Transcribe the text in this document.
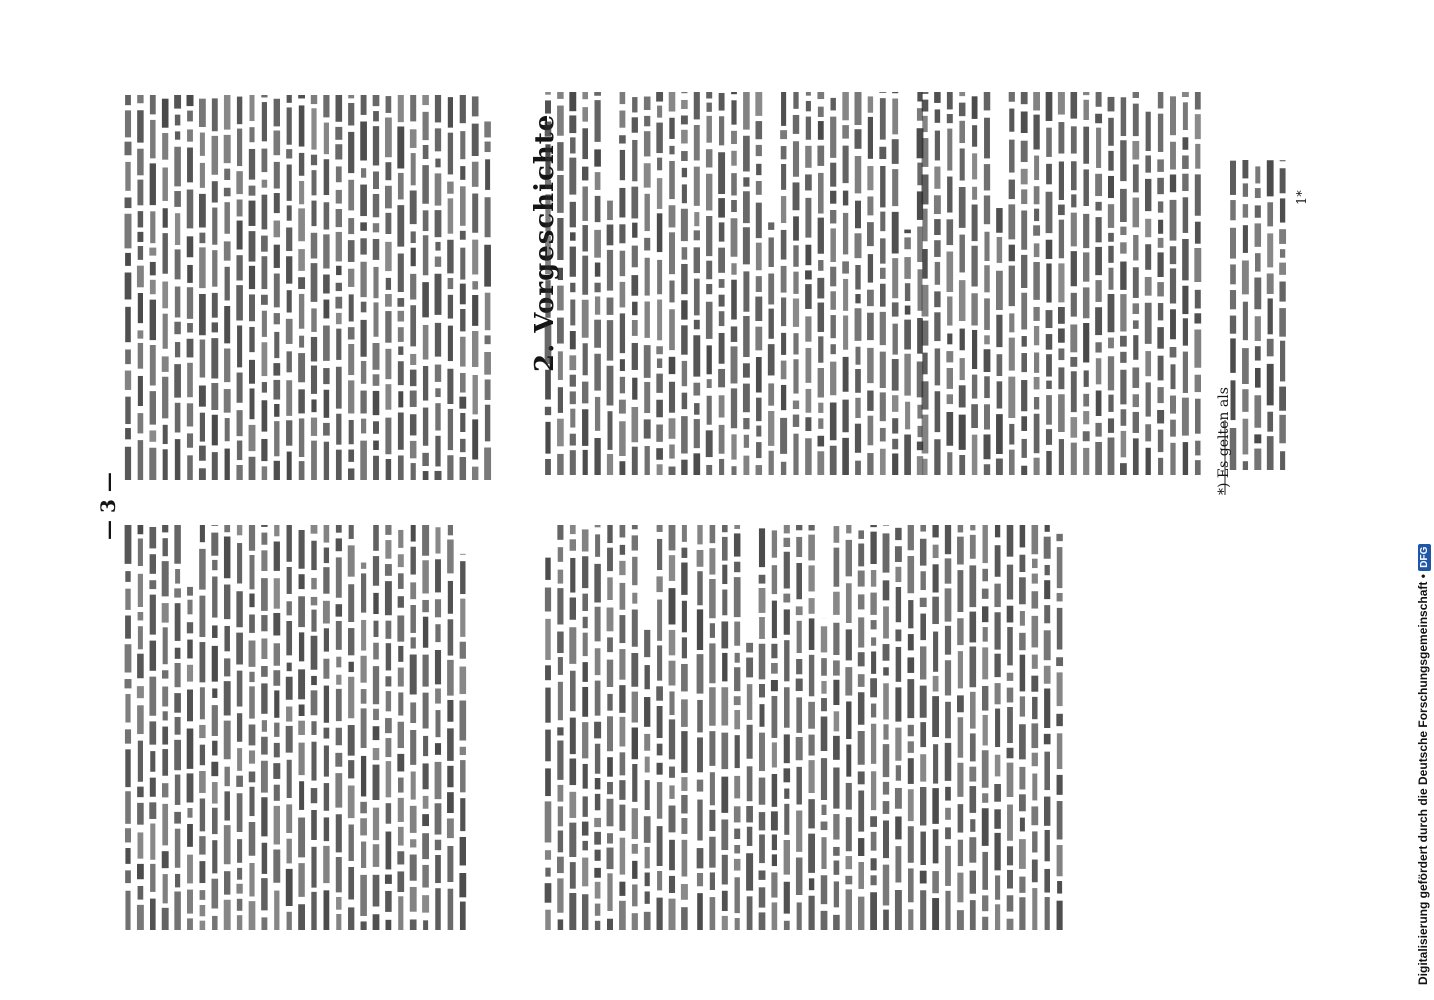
— 3 —
2. Vorgeschichte
*) Es gelten als
1*
Digitalisierung gefördert durch die Deutsche Forschungsgemeinschaft • DFG
